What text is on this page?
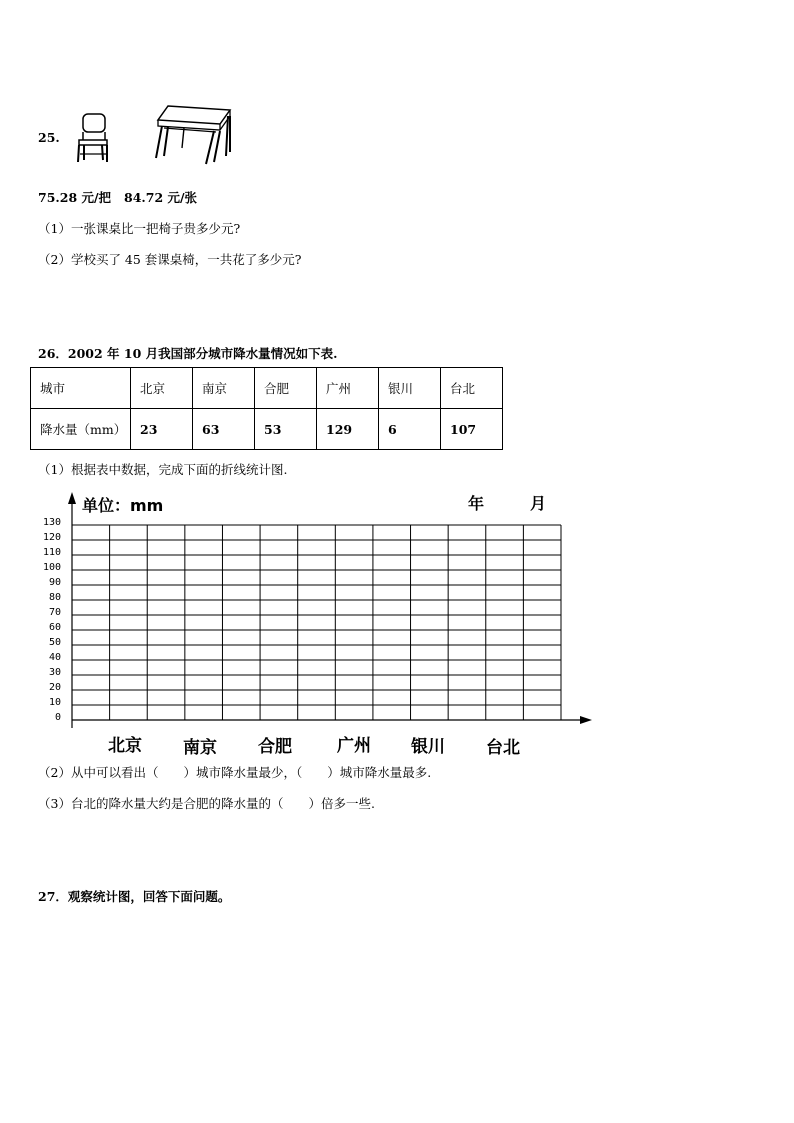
25.
75.28 元/把 84.72 元/张
（1）一张课桌比一把椅子贵多少元?
（2）学校买了 45 套课桌椅，一共花了多少元?
26．2002 年 10 月我国部分城市降水量情况如下表.
城市	北京	南京	合肥	广州	银川	台北
降水量（mm）	23	63	53	129	6	107
（1）根据表中数据，完成下面的折线统计图.
单位：mm	年	月
130
120
110
100
90
80
70
60
50
40
30
20
10
0
北京 南京 合肥	广州 银川 台北
（2）从中可以看出（　　）城市降水量最少，（　　）城市降水量最多.
（3）台北的降水量大约是合肥的降水量的（　　）倍多一些.
27．观察统计图，回答下面问题。
